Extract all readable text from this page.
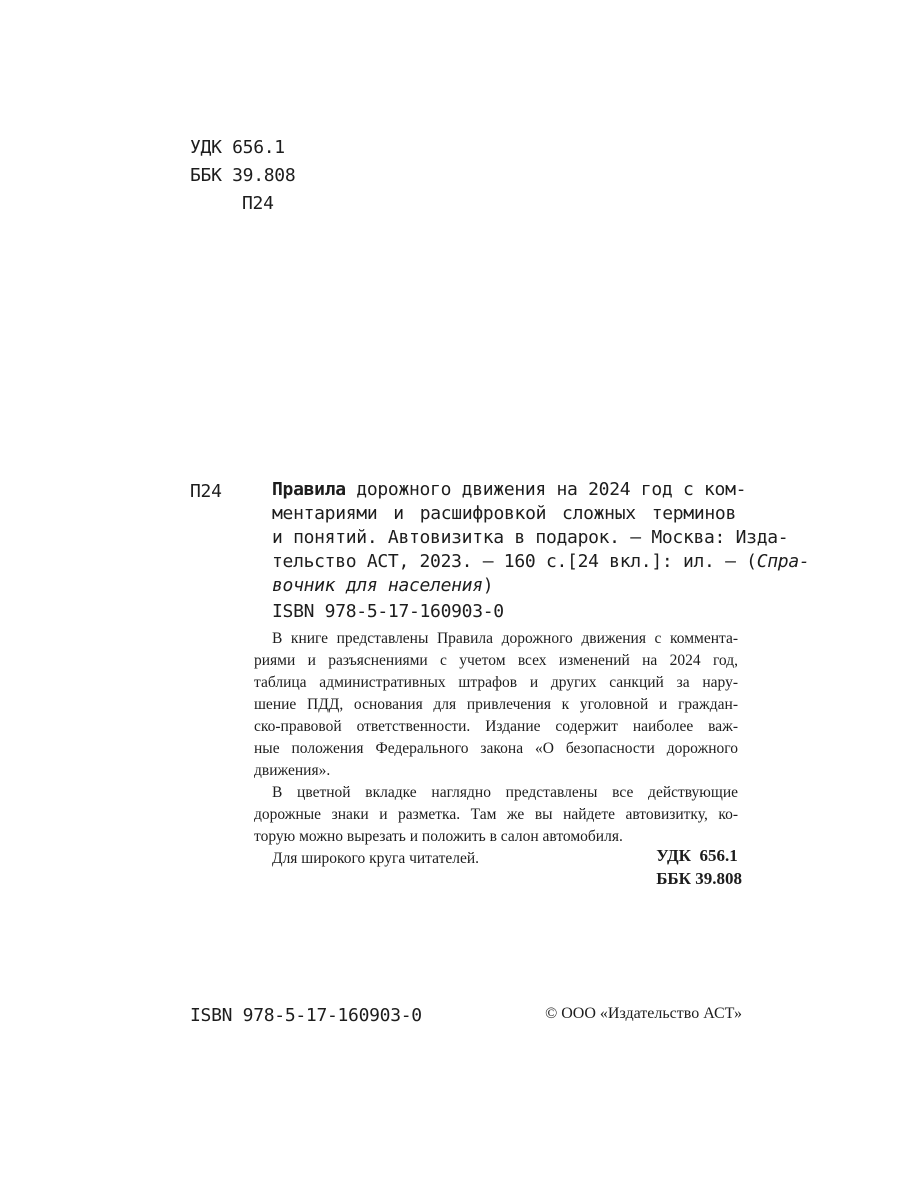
УДК 656.1
ББК 39.808
П24
П24	Правила дорожного движения на 2024 год с ком-
ментариями и расшифровкой сложных терминов
и понятий. Автовизитка в подарок. — Москва: Изда-
тельство АСТ, 2023. – 160 с.[24 вкл.]: ил. — (Спра-
вочник для населения)
ISBN 978-5-17-160903-0
В книге представлены Правила дорожного движения с коммента-
риями и разъяснениями с учетом всех изменений на 2024 год,
таблица административных штрафов и других санкций за нару-
шение ПДД, основания для привлечения к уголовной и граждан-
ско-правовой ответственности. Издание содержит наиболее важ-
ные положения Федерального закона «О безопасности дорожного
движения».
В цветной вкладке наглядно представлены все действующие
дорожные знаки и разметка. Там же вы найдете автовизитку, ко-
торую можно вырезать и положить в салон автомобиля.
Для широкого круга читателей.	УДК  656.1
ББК 39.808
ISBN 978-5-17-160903-0	© ООО «Издательство АСТ»
